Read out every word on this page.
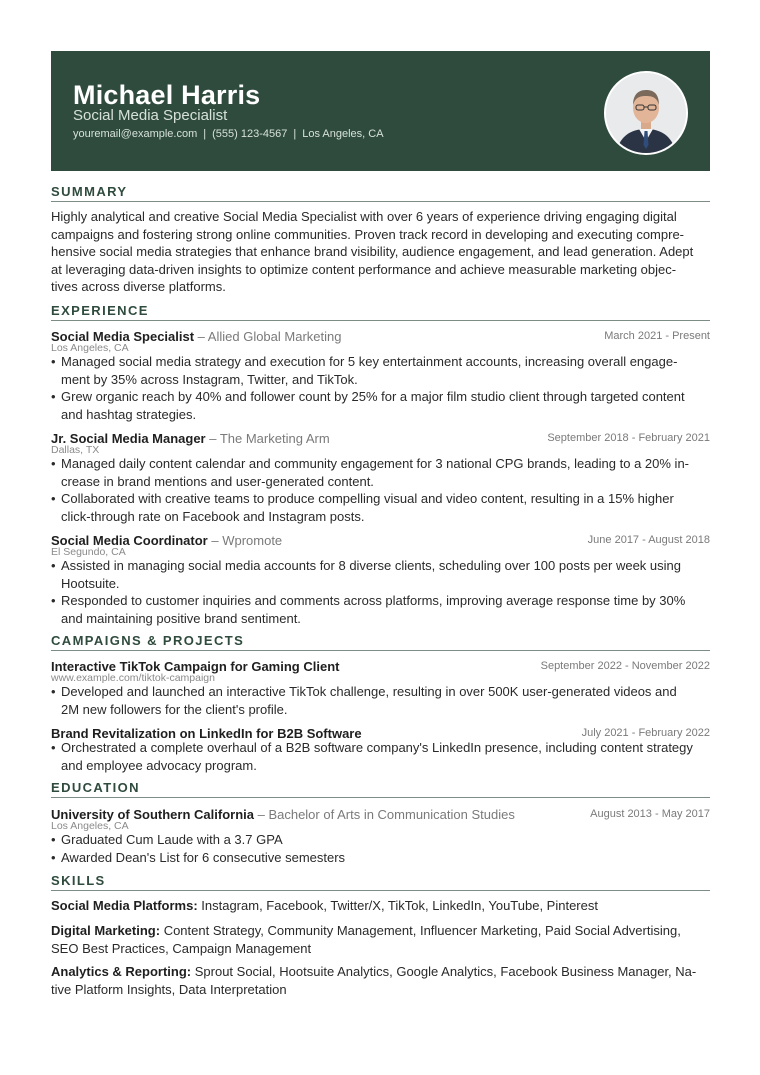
Michael Harris
Social Media Specialist
youremail@example.com | (555) 123-4567 | Los Angeles, CA
SUMMARY
Highly analytical and creative Social Media Specialist with over 6 years of experience driving engaging digital
campaigns and fostering strong online communities. Proven track record in developing and executing compre-
hensive social media strategies that enhance brand visibility, audience engagement, and lead generation. Adept
at leveraging data-driven insights to optimize content performance and achieve measurable marketing objec-
tives across diverse platforms.
EXPERIENCE
Social Media Specialist – Allied Global Marketing	March 2021 - Present
Los Angeles, CA
• Managed social media strategy and execution for 5 key entertainment accounts, increasing overall engage-
ment by 35% across Instagram, Twitter, and TikTok.
• Grew organic reach by 40% and follower count by 25% for a major film studio client through targeted content
and hashtag strategies.
Jr. Social Media Manager – The Marketing Arm	September 2018 - February 2021
Dallas, TX
• Managed daily content calendar and community engagement for 3 national CPG brands, leading to a 20% in-
crease in brand mentions and user-generated content.
• Collaborated with creative teams to produce compelling visual and video content, resulting in a 15% higher
click-through rate on Facebook and Instagram posts.
Social Media Coordinator – Wpromote	June 2017 - August 2018
El Segundo, CA
• Assisted in managing social media accounts for 8 diverse clients, scheduling over 100 posts per week using
Hootsuite.
• Responded to customer inquiries and comments across platforms, improving average response time by 30%
and maintaining positive brand sentiment.
CAMPAIGNS & PROJECTS
Interactive TikTok Campaign for Gaming Client	September 2022 - November 2022
www.example.com/tiktok-campaign
• Developed and launched an interactive TikTok challenge, resulting in over 500K user-generated videos and
2M new followers for the client's profile.
Brand Revitalization on LinkedIn for B2B Software	July 2021 - February 2022
• Orchestrated a complete overhaul of a B2B software company's LinkedIn presence, including content strategy
and employee advocacy program.
EDUCATION
University of Southern California – Bachelor of Arts in Communication Studies	August 2013 - May 2017
Los Angeles, CA
• Graduated Cum Laude with a 3.7 GPA
• Awarded Dean's List for 6 consecutive semesters
SKILLS
Social Media Platforms: Instagram, Facebook, Twitter/X, TikTok, LinkedIn, YouTube, Pinterest
Digital Marketing: Content Strategy, Community Management, Influencer Marketing, Paid Social Advertising,
SEO Best Practices, Campaign Management
Analytics & Reporting: Sprout Social, Hootsuite Analytics, Google Analytics, Facebook Business Manager, Na-
tive Platform Insights, Data Interpretation
